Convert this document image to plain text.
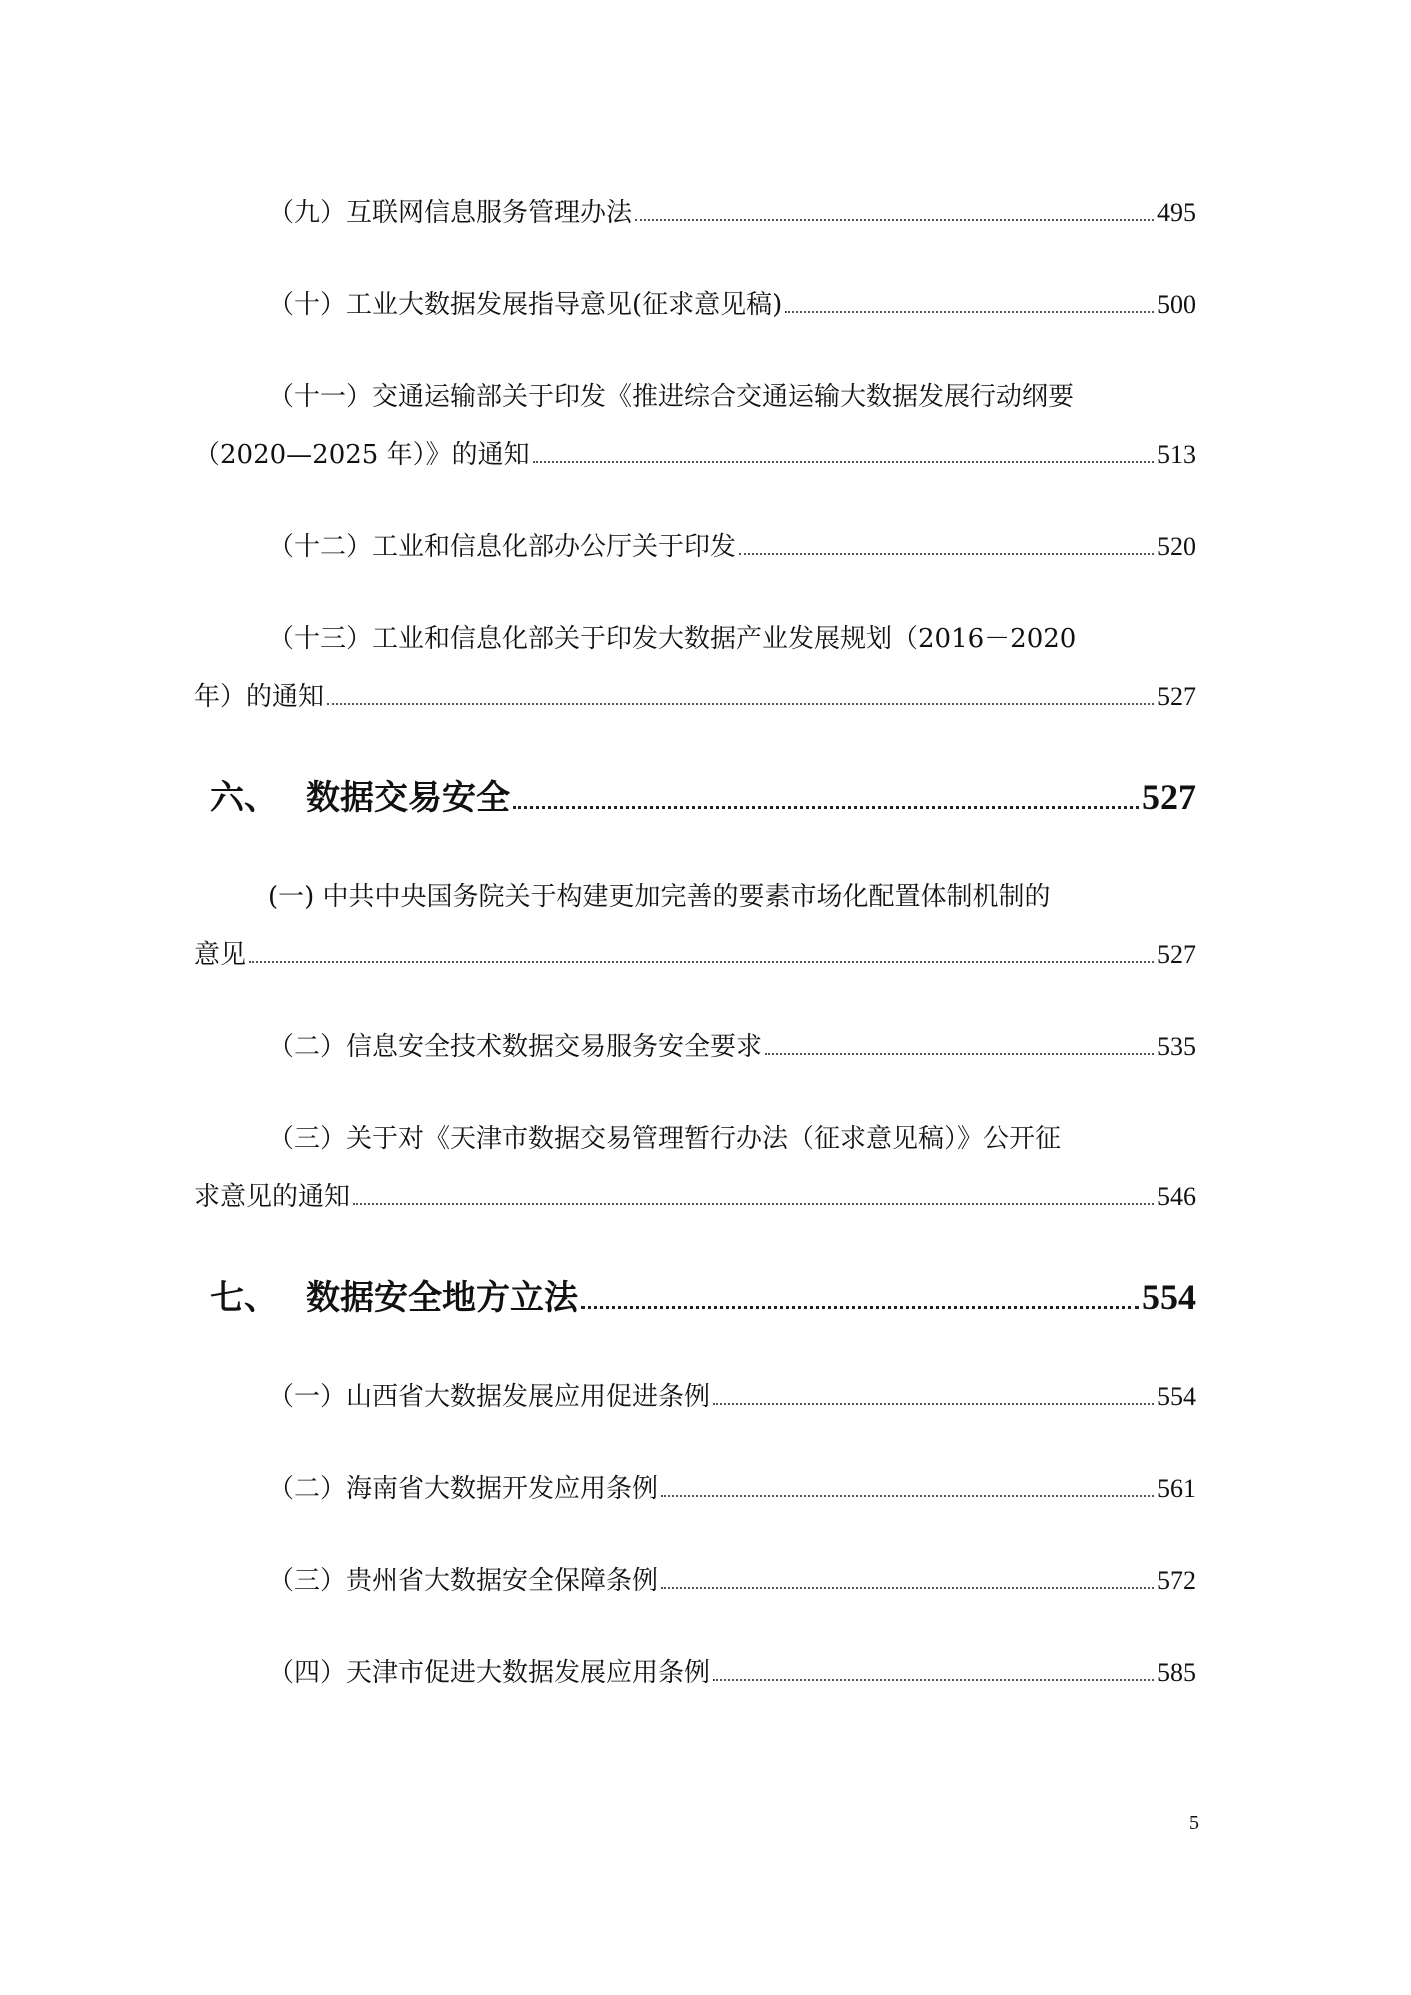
（九）互联网信息服务管理办法	495
（十）工业大数据发展指导意见(征求意见稿)	500
（十一）交通运输部关于印发《推进综合交通运输大数据发展行动纲要
（2020—2025 年）》的通知	513
（十二）工业和信息化部办公厅关于印发	520
（十三）工业和信息化部关于印发大数据产业发展规划（2016－2020
年）的通知	527
六、 数据交易安全	527
(一) 中共中央国务院关于构建更加完善的要素市场化配置体制机制的
意见	527
（二）信息安全技术数据交易服务安全要求	535
（三）关于对《天津市数据交易管理暂行办法（征求意见稿）》公开征
求意见的通知	546
七、 数据安全地方立法	554
（一）山西省大数据发展应用促进条例	554
（二）海南省大数据开发应用条例	561
（三）贵州省大数据安全保障条例	572
（四）天津市促进大数据发展应用条例	585
5
